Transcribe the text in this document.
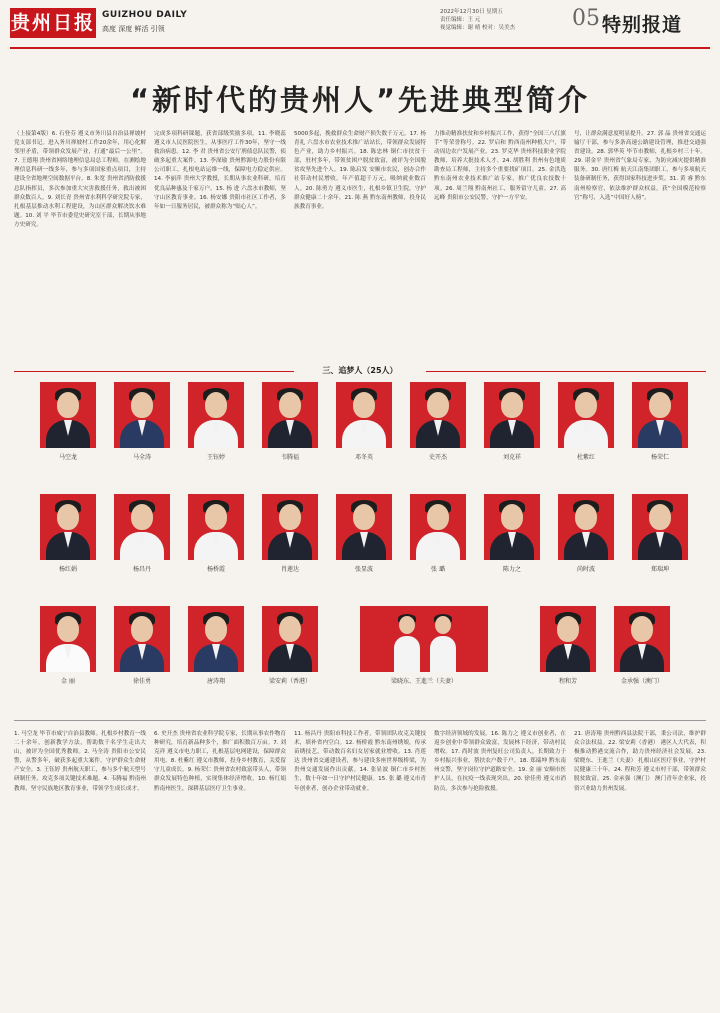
贵州日报 GUIZHOU DAILY
高度 深度 鲜活 引领
2022年12月30日 星期五
责任编辑：王 元
视觉编辑：谢 晴 校对：吴美杰	05 特别报道
“新时代的贵州人”先进典型简介
（上接第4版）6. 石登芬 遵义市务川县自治县禅坡村党支部书记。进入务川禅坡村工作20余年，用心化解邻里矛盾，带领群众发展产业，打通“最后一公里”。7. 王德翔 贵州省网络地理信息局总工程师，在测绘地理信息科研一线多年，参与多项国家重点项目，主持建设全省地理空间数据平台。8. 朱宽 贵州省消防救援总队指挥员，多次参加重大灾害救援任务，救出被困群众数百人。9. 刘长青 贵州省水利科学研究院专家，扎根基层推动水利工程建设，为山区群众解决饮水难题。10. 刘 平 毕节市委党史研究室干部，长期从事地方史研究。
完成多项科研课题，获省部级奖励多项。11. 李晓蕊 遵义市人民医院医生，从事医疗工作30年，坚守一线救治病患。12. 李 君 贵州省公安厅刑侦总队民警，侦破多起重大案件。13. 李深瑜 贵州黔源电力股份有限公司职工，扎根电站运维一线，保障电力稳定供应。14. 李丽萍 贵州大学教授，长期从事农业科研，培育优良品种惠及千家万户。15. 杨 进 六盘水市教师，坚守山区教育事业。16. 杨安娜 贵阳市社区工作者，多年如一日服务居民，被群众称为“贴心人”。
5000多起，挽救群众生命财产损失数千万元。17. 杨青礼 六盘水市农业技术推广站站长，带领群众发展特色产业，助力乡村振兴。18. 陈忠林 铜仁市扶贫干部，驻村多年，带领贫困户脱贫致富，被评为全国脱贫攻坚先进个人。19. 陈启发 安顺市农民，创办合作社带动村民增收，年产值超千万元，吸纳就业数百人。20. 陈勇力 遵义市医生，扎根乡镇卫生院，守护群众健康二十余年。21. 陈 燕 黔东南州教师，投身民族教育事业。
力推动精准扶贫和乡村振兴工作，获得“全国三八红旗手”等荣誉称号。22. 罗启和 黔西南州种植大户，带动周边农户发展产业。23. 罗克华 贵州科技职业学院教师，培养大批技术人才。24. 胡胜利 贵州有色地质勘查局工程师，主持多个重要找矿项目。25. 金洪选 黔东南州农业技术推广站专家，推广优良农技数十项。26. 周兰翔 黔南州社工，服务留守儿童。27. 高远峰 贵阳市公安民警，守护一方平安。
号，让群众满意度明显提升。27. 郭 晶 贵州省交通运输厅干部，参与多条高速公路建设管理，推进交通强省建设。28. 郭华英 毕节市教师，扎根乡村三十年。29. 谌金平 贵州省气象局专家，为防灾减灾提供精准服务。30. 唐红梅 航天江南集团职工，参与多项航天装备研制任务，获得国家科技进步奖。31. 黄 睿 黔东南州检察官，依法维护群众权益，获“全国模范检察官”称号，入选“中国好人榜”。
三、追梦人（25人）
马空龙	马全涛	王钰婷	韦腾福	邓冬英	史开杰	刘克祥	杜紫红	杨荣仁
杨红娟	杨昌丹	杨桥霞	肖莲达	张显波	张 璐	陈力之	尚时波	郑瑞坤
金 丽	徐佳勇	唐涛翔	梁安莉（香港）	梁晓东、王進兰（夫妻）	程和芳	金承强（澳门）
1. 马空龙 毕节市威宁自治县教师。扎根乡村教育一线二十余年，创新教学方法，帮助数千名学生走出大山，被评为全国优秀教师。2. 马全涛 贵阳市公安民警，从警多年，破获多起重大案件，守护群众生命财产安全。3. 王钰婷 贵州航天职工，参与多个航天型号研制任务，攻克多项关键技术难题。4. 韦腾福 黔南州教师，坚守民族地区教育事业，带领学生成长成才。
6. 史开杰 贵州省农业科学院专家，长期从事农作物育种研究，培育新品种多个，推广面积数百万亩。7. 刘克祥 遵义市电力职工，扎根基层电网建设，保障群众用电。8. 杜紫红 遵义市教师，投身乡村教育，关爱留守儿童成长。9. 杨荣仁 贵州省农村致富带头人，带领群众发展特色种植，实现集体经济增收。10. 杨红娟 黔南州医生，深耕基层医疗卫生事业。
11. 杨昌丹 贵阳市科技工作者，带领团队攻克关键技术，填补省内空白。12. 杨桥霞 黔东南州绣娘，传承苗绣技艺，带动数百名妇女居家就业增收。13. 肖莲达 贵州省交通建设者，参与建设多座世界级桥梁，为贵州交通发展作出贡献。14. 张显波 铜仁市乡村医生，数十年如一日守护村民健康。15. 张 璐 遵义市青年创业者，创办企业带动就业。
数字经济领域的发展。16. 陈力之 遵义市创业者，在返乡创业中带领群众致富，发展林下经济，带动村民增收。17. 尚时波 贵州复旺公司负责人，长期致力于乡村振兴事业，帮扶农户数千户。18. 郑瑞坤 黔东南州交警，坚守岗位守护道路安全。19. 金 丽 安顺市医护人员，在抗疫一线表现突出。20. 徐佳勇 遵义市消防员，多次参与抢险救援。
21. 唐涛翔 贵州黔西县法院干部，秉公司法，维护群众合法权益。22. 梁安莉（香港） 港区人大代表，积极推动黔港交流合作，助力贵州经济社会发展。23. 梁晓东、王進兰（夫妻） 扎根山区医疗事业，守护村民健康三十年。24. 程和芳 遵义市村干部，带领群众脱贫致富。25. 金承强（澳门） 澳门青年企业家，投资兴业助力贵州发展。
